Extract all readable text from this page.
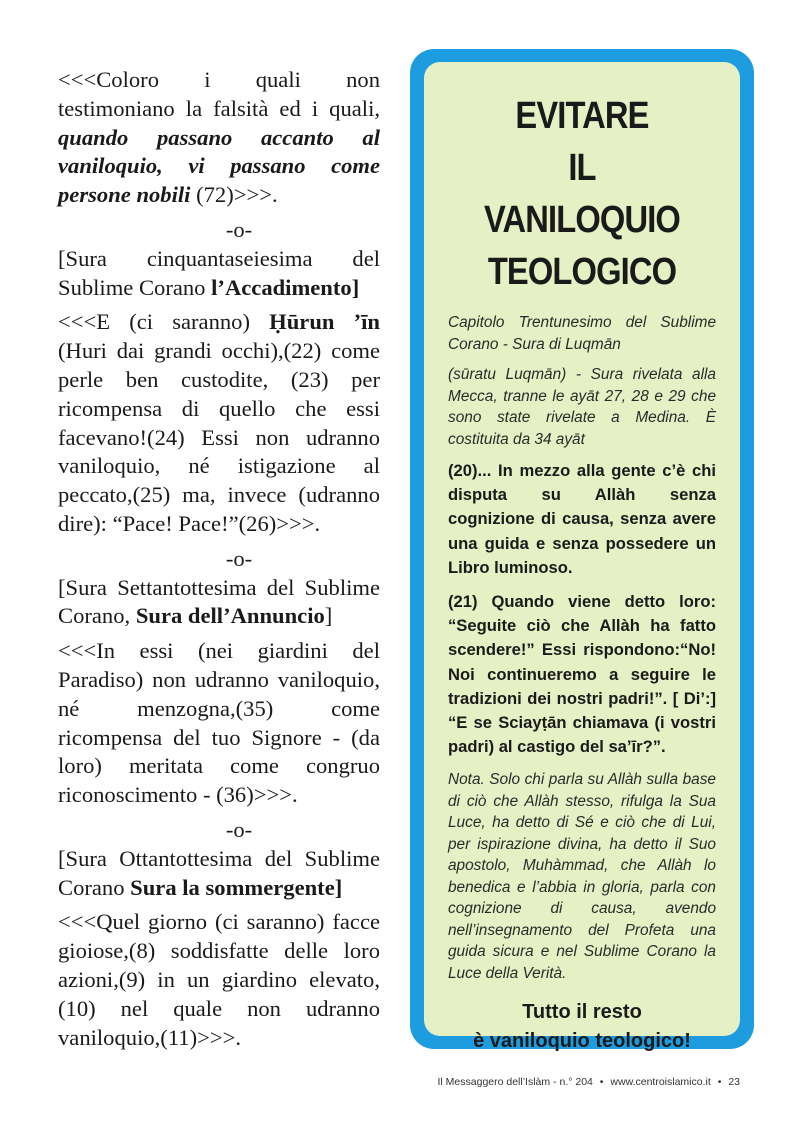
<<<Coloro i quali non testimoniano la falsità ed i quali, quando passano accanto al vaniloquio, vi passano come persone nobili (72)>>>.

-o-

[Sura cinquantaseiesima del Sublime Corano l’Accadimento]

<<<E (ci saranno) Ḥūrun ’īn (Huri dai grandi occhi),(22) come perle ben custodite, (23) per ricompensa di quello che essi facevano!(24) Essi non udranno vaniloquio, né istigazione al peccato,(25) ma, invece (udranno dire): “Pace! Pace!”(26)>>>.

-o-

[Sura Settantottesima del Sublime Corano, Sura dell’Annuncio]

<<<In essi (nei giardini del Paradiso) non udranno vaniloquio, né menzogna,(35) come ricompensa del tuo Signore - (da loro) meritata come congruo riconoscimento - (36)>>>.

-o-

[Sura Ottantottesima del Sublime Corano Sura la sommergente]

<<<Quel giorno (ci saranno) facce gioiose,(8) soddisfatte delle loro azioni,(9) in un giardino elevato,(10) nel quale non udranno vaniloquio,(11)>>>.

EVITARE
IL VANILOQUIO
TEOLOGICO

Capitolo Trentunesimo del Sublime Corano - Sura di Luqmān

(sūratu Luqmān) - Sura rivelata alla Mecca, tranne le ayāt 27, 28 e 29 che sono state rivelate a Medina. È costituita da 34 ayāt

(20)... In mezzo alla gente c’è chi disputa su Allàh senza cognizione di causa, senza avere una guida e senza possedere un Libro luminoso.

(21) Quando viene detto loro: “Seguite ciò che Allàh ha fatto scendere!” Essi rispondono:“No! Noi continueremo a seguire le tradizioni dei nostri padri!”. [ Di’:] “E se Sciayṭān chiamava (i vostri padri) al castigo del sa’īr?”.

Nota. Solo chi parla su Allàh sulla base di ciò che Allàh stesso, rifulga la Sua Luce, ha detto di Sé e ciò che di Lui, per ispirazione divina, ha detto il Suo apostolo, Muhàmmad, che Allàh lo benedica e l’abbia in gloria, parla con cognizione di causa, avendo nell’insegnamento del Profeta una guida sicura e nel Sublime Corano la Luce della Verità.

Tutto il resto
è vaniloquio teologico!
Il Messaggero dell’Islàm - n.° 204 • www.centroislamico.it • 23
